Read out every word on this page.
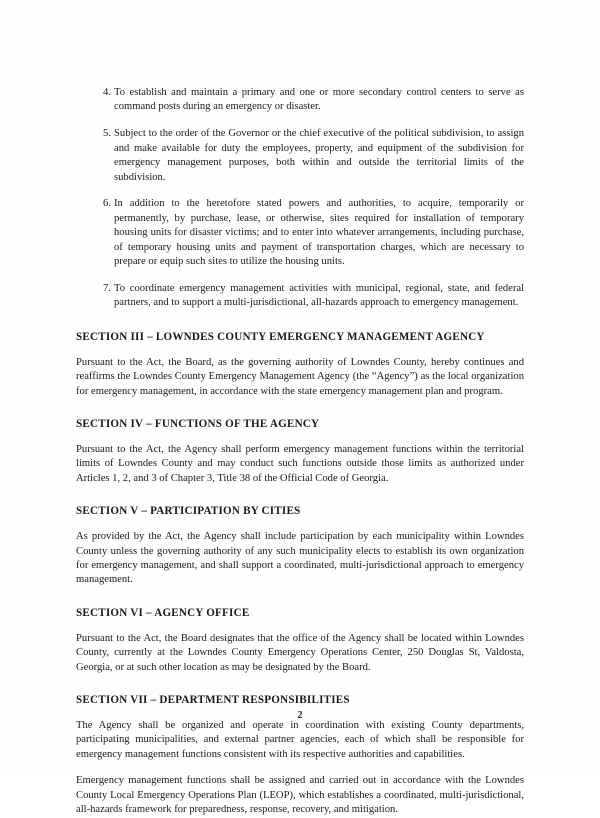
4. To establish and maintain a primary and one or more secondary control centers to serve as command posts during an emergency or disaster.
5. Subject to the order of the Governor or the chief executive of the political subdivision, to assign and make available for duty the employees, property, and equipment of the subdivision for emergency management purposes, both within and outside the territorial limits of the subdivision.
6. In addition to the heretofore stated powers and authorities, to acquire, temporarily or permanently, by purchase, lease, or otherwise, sites required for installation of temporary housing units for disaster victims; and to enter into whatever arrangements, including purchase, of temporary housing units and payment of transportation charges, which are necessary to prepare or equip such sites to utilize the housing units.
7. To coordinate emergency management activities with municipal, regional, state, and federal partners, and to support a multi-jurisdictional, all-hazards approach to emergency management.
SECTION III – LOWNDES COUNTY EMERGENCY MANAGEMENT AGENCY

Pursuant to the Act, the Board, as the governing authority of Lowndes County, hereby continues and reaffirms the Lowndes County Emergency Management Agency (the “Agency”) as the local organization for emergency management, in accordance with the state emergency management plan and program.

SECTION IV – FUNCTIONS OF THE AGENCY

Pursuant to the Act, the Agency shall perform emergency management functions within the territorial limits of Lowndes County and may conduct such functions outside those limits as authorized under Articles 1, 2, and 3 of Chapter 3, Title 38 of the Official Code of Georgia.

SECTION V – PARTICIPATION BY CITIES

As provided by the Act, the Agency shall include participation by each municipality within Lowndes County unless the governing authority of any such municipality elects to establish its own organization for emergency management, and shall support a coordinated, multi-jurisdictional approach to emergency management.

SECTION VI – AGENCY OFFICE

Pursuant to the Act, the Board designates that the office of the Agency shall be located within Lowndes County, currently at the Lowndes County Emergency Operations Center, 250 Douglas St, Valdosta, Georgia, or at such other location as may be designated by the Board.

SECTION VII – DEPARTMENT RESPONSIBILITIES

The Agency shall be organized and operate in coordination with existing County departments, participating municipalities, and external partner agencies, each of which shall be responsible for emergency management functions consistent with its respective authorities and capabilities.

Emergency management functions shall be assigned and carried out in accordance with the Lowndes County Local Emergency Operations Plan (LEOP), which establishes a coordinated, multi-jurisdictional, all-hazards framework for preparedness, response, recovery, and mitigation.

2
